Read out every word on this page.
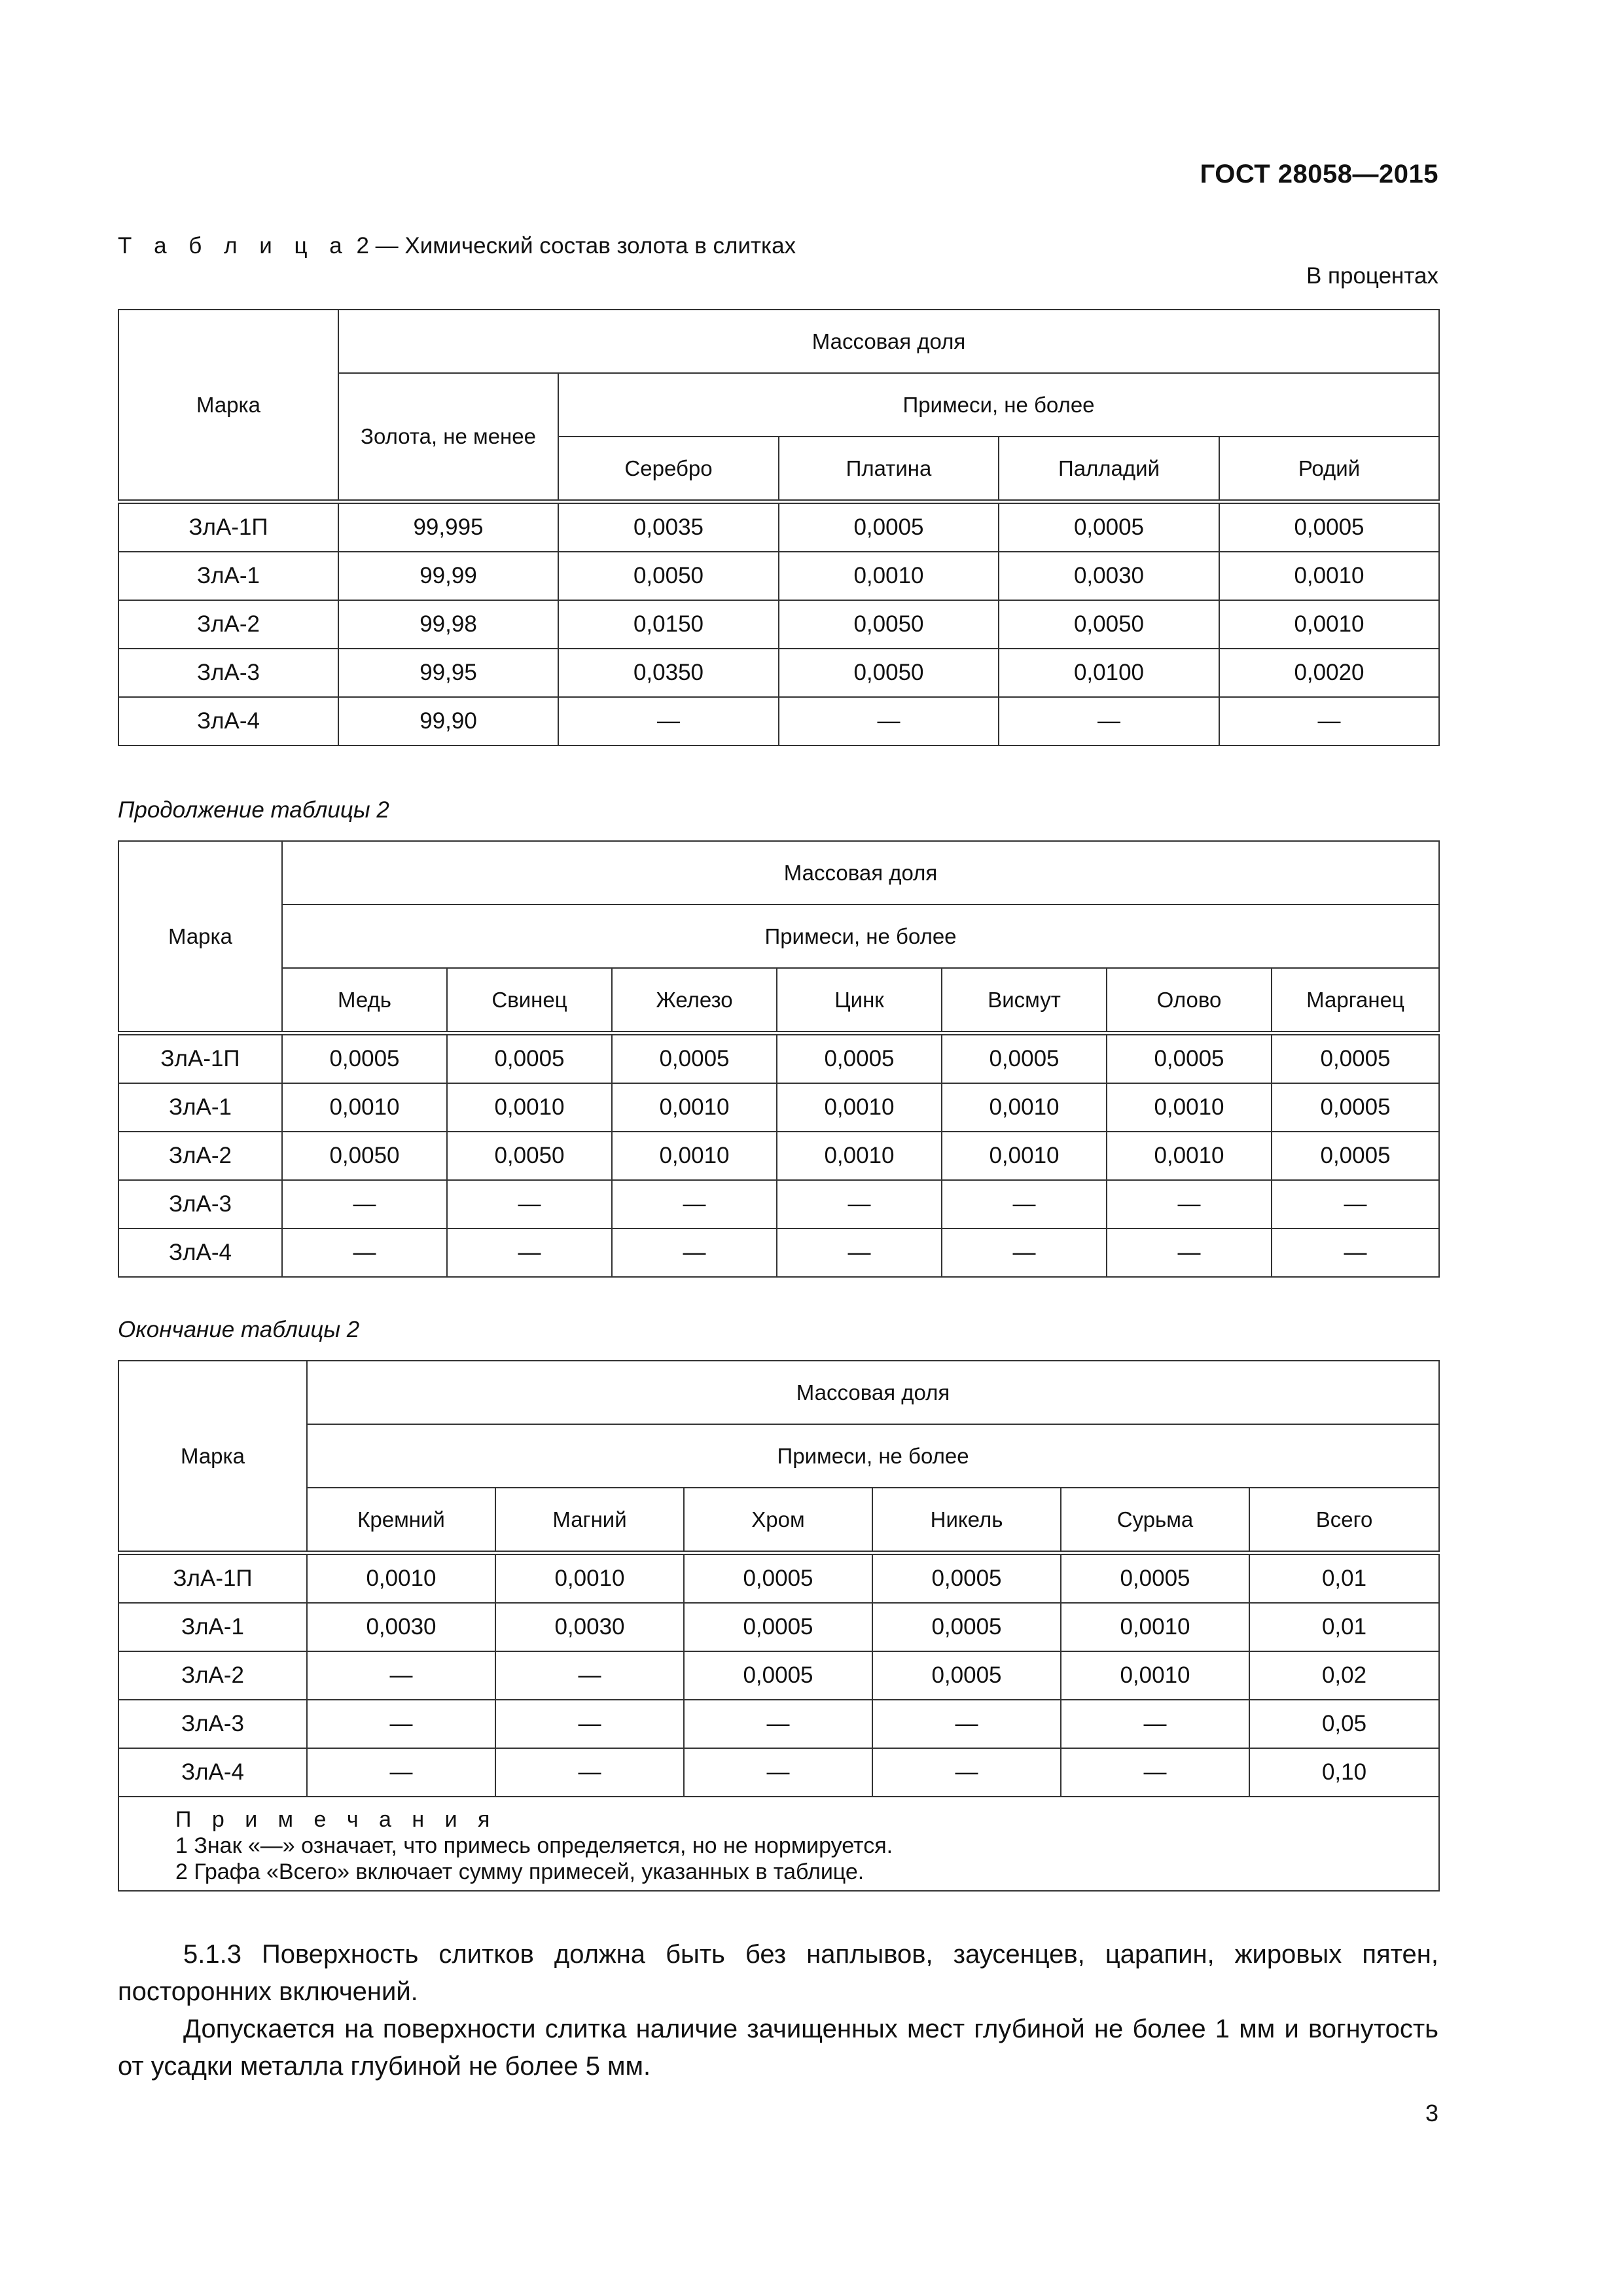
ГОСТ 28058—2015
Т а б л и ц а 2 — Химический состав золота в слитках
В процентах
Марка	Массовая доля				
	Золота, не менее	Примеси, не более			
		Серебро	Платина	Палладий	Родий
ЗлА-1П	99,995	0,0035	0,0005	0,0005	0,0005
ЗлА-1	99,99	0,0050	0,0010	0,0030	0,0010
ЗлА-2	99,98	0,0150	0,0050	0,0050	0,0010
ЗлА-3	99,95	0,0350	0,0050	0,0100	0,0020
ЗлА-4	99,90	—	—	—	—
Продолжение таблицы 2
Марка	Массовая доля						
	Примеси, не более						
	Медь	Свинец	Железо	Цинк	Висмут	Олово	Марганец
ЗлА-1П	0,0005	0,0005	0,0005	0,0005	0,0005	0,0005	0,0005
ЗлА-1	0,0010	0,0010	0,0010	0,0010	0,0010	0,0010	0,0005
ЗлА-2	0,0050	0,0050	0,0010	0,0010	0,0010	0,0010	0,0005
ЗлА-3	—	—	—	—	—	—	—
ЗлА-4	—	—	—	—	—	—	—
Окончание таблицы 2
Марка	Массовая доля					
	Примеси, не более					
	Кремний	Магний	Хром	Никель	Сурьма	Всего
ЗлА-1П	0,0010	0,0010	0,0005	0,0005	0,0005	0,01
ЗлА-1	0,0030	0,0030	0,0005	0,0005	0,0010	0,01
ЗлА-2	—	—	0,0005	0,0005	0,0010	0,02
ЗлА-3	—	—	—	—	—	0,05
ЗлА-4	—	—	—	—	—	0,10

П р и м е ч а н и я
1 Знак «—» означает, что примесь определяется, но не нормируется.
2 Графа «Всего» включает сумму примесей, указанных в таблице.						
5.1.3 Поверхность слитков должна быть без наплывов, заусенцев, царапин, жировых пятен, посторонних включений.
Допускается на поверхности слитка наличие зачищенных мест глубиной не более 1 мм и вогнутость от усадки металла глубиной не более 5 мм.
3
